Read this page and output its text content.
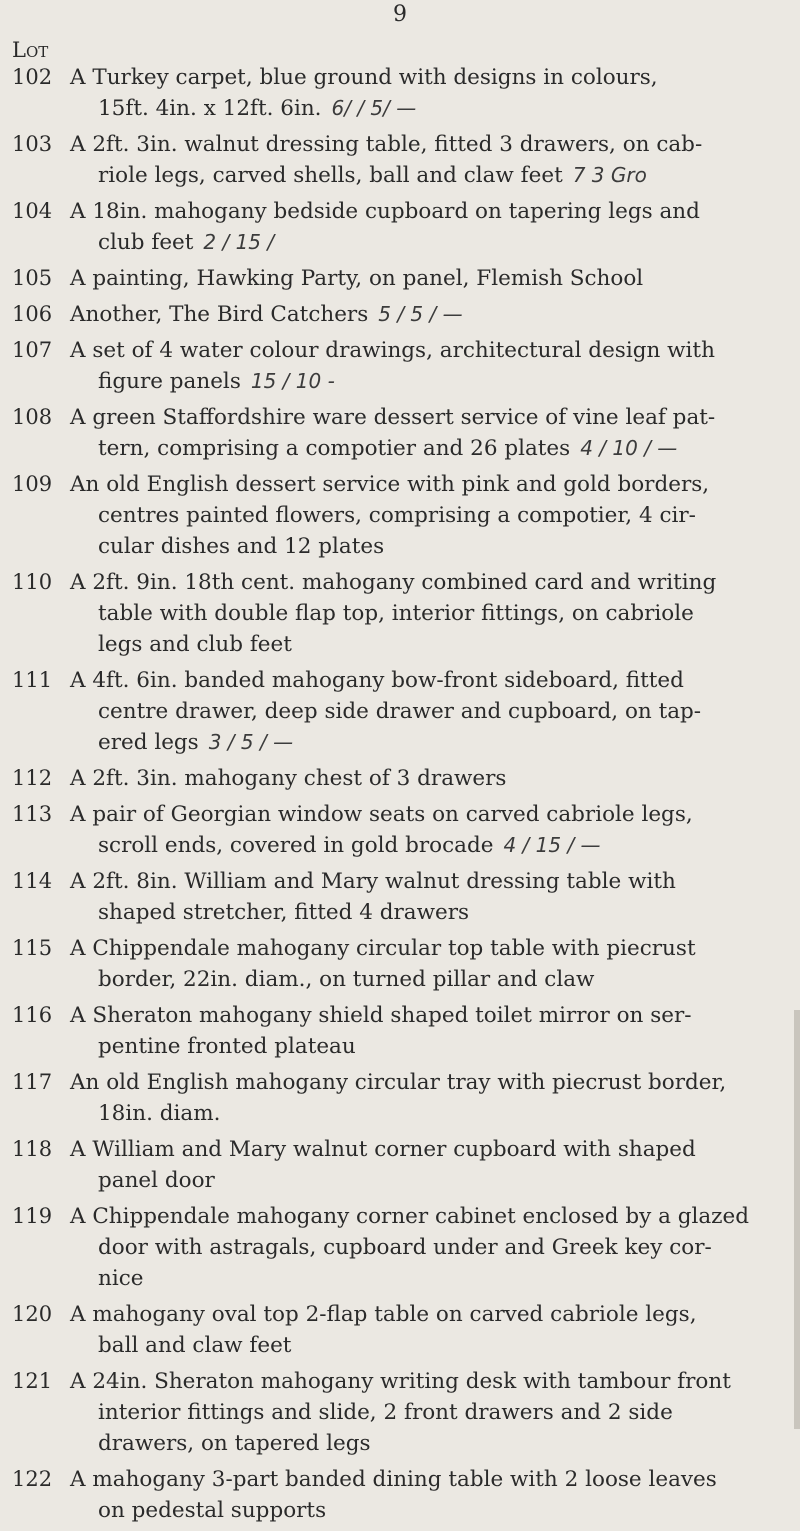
9
Lot
102 A Turkey carpet, blue ground with designs in colours,
15ft. 4in. x 12ft. 6in. 6/ / 5/ —
103 A 2ft. 3in. walnut dressing table, fitted 3 drawers, on cab-
riole legs, carved shells, ball and claw feet 7 3 Gro
104 A 18in. mahogany bedside cupboard on tapering legs and
club feet 2 / 15 /
105 A painting, Hawking Party, on panel, Flemish School
106 Another, The Bird Catchers 5 / 5 / —
107 A set of 4 water colour drawings, architectural design with
figure panels 15 / 10 -
108 A green Staffordshire ware dessert service of vine leaf pat-
tern, comprising a compotier and 26 plates 4 / 10 / —
109 An old English dessert service with pink and gold borders,
centres painted flowers, comprising a compotier, 4 cir-
cular dishes and 12 plates
110 A 2ft. 9in. 18th cent. mahogany combined card and writing
table with double flap top, interior fittings, on cabriole
legs and club feet
111 A 4ft. 6in. banded mahogany bow-front sideboard, fitted
centre drawer, deep side drawer and cupboard, on tap-
ered legs 3 / 5 / —
112 A 2ft. 3in. mahogany chest of 3 drawers
113 A pair of Georgian window seats on carved cabriole legs,
scroll ends, covered in gold brocade 4 / 15 / —
114 A 2ft. 8in. William and Mary walnut dressing table with
shaped stretcher, fitted 4 drawers
115 A Chippendale mahogany circular top table with piecrust
border, 22in. diam., on turned pillar and claw
116 A Sheraton mahogany shield shaped toilet mirror on ser-
pentine fronted plateau
117 An old English mahogany circular tray with piecrust border,
18in. diam.
118 A William and Mary walnut corner cupboard with shaped
panel door
119 A Chippendale mahogany corner cabinet enclosed by a glazed
door with astragals, cupboard under and Greek key cor-
nice
120 A mahogany oval top 2-flap table on carved cabriole legs,
ball and claw feet
121 A 24in. Sheraton mahogany writing desk with tambour front
interior fittings and slide, 2 front drawers and 2 side
drawers, on tapered legs
122 A mahogany 3-part banded dining table with 2 loose leaves
on pedestal supports
